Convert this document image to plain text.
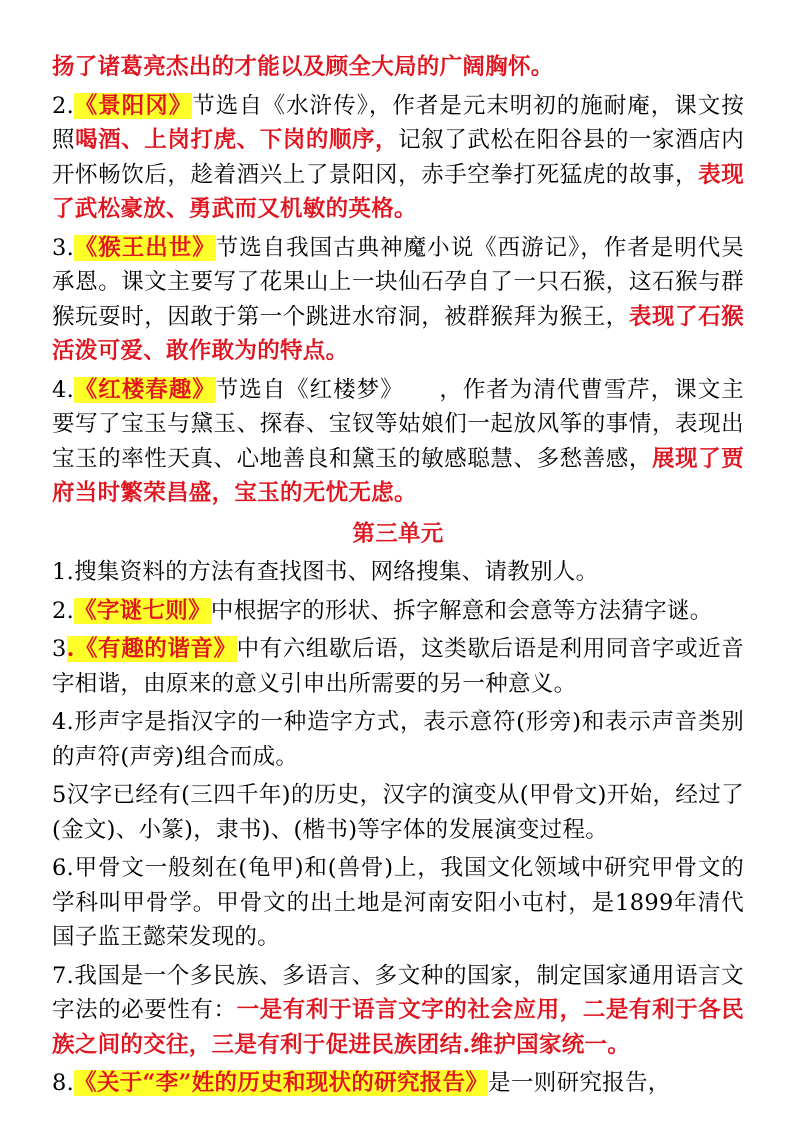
扬了诸葛亮杰出的才能以及顾全大局的广阔胸怀。

2.《景阳冈》节选自《水浒传》，作者是元末明初的施耐庵，课文按照喝酒、上岗打虎、下岗的顺序，记叙了武松在阳谷县的一家酒店内开怀畅饮后，趁着酒兴上了景阳冈，赤手空拳打死猛虎的故事，表现了武松豪放、勇武而又机敏的英格。

3.《猴王出世》节选自我国古典神魔小说《西游记》，作者是明代吴承恩。课文主要写了花果山上一块仙石孕自了一只石猴，这石猴与群猴玩耍时，因敢于第一个跳进水帘洞，被群猴拜为猴王，表现了石猴活泼可爱、敢作敢为的特点。

4.《红楼春趣》节选自《红楼梦》　　，作者为清代曹雪芹，课文主要写了宝玉与黛玉、探春、宝钗等姑娘们一起放风筝的事情，表现出宝玉的率性天真、心地善良和黛玉的敏感聪慧、多愁善感，展现了贾府当时繁荣昌盛，宝玉的无忧无虑。

第三单元

1.搜集资料的方法有查找图书、网络搜集、请教别人。

2.《字谜七则》中根据字的形状、拆字解意和会意等方法猜字谜。

3.《有趣的谐音》中有六组歇后语，这类歇后语是利用同音字或近音字相谐，由原来的意义引申出所需要的另一种意义。

4.形声字是指汉字的一种造字方式，表示意符(形旁)和表示声音类别的声符(声旁)组合而成。

5汉字已经有(三四千年)的历史，汉字的演变从(甲骨文)开始，经过了(金文)、小篆)，隶书)、(楷书)等字体的发展演变过程。

6.甲骨文一般刻在(龟甲)和(兽骨)上，我国文化领域中研究甲骨文的学科叫甲骨学。甲骨文的出土地是河南安阳小屯村，是1899年清代国子监王懿荣发现的。

7.我国是一个多民族、多语言、多文种的国家，制定国家通用语言文字法的必要性有：一是有利于语言文字的社会应用，二是有利于各民族之间的交往，三是有利于促进民族团结.维护国家统一。

8.《关于“李”姓的历史和现状的研究报告》是一则研究报告，
